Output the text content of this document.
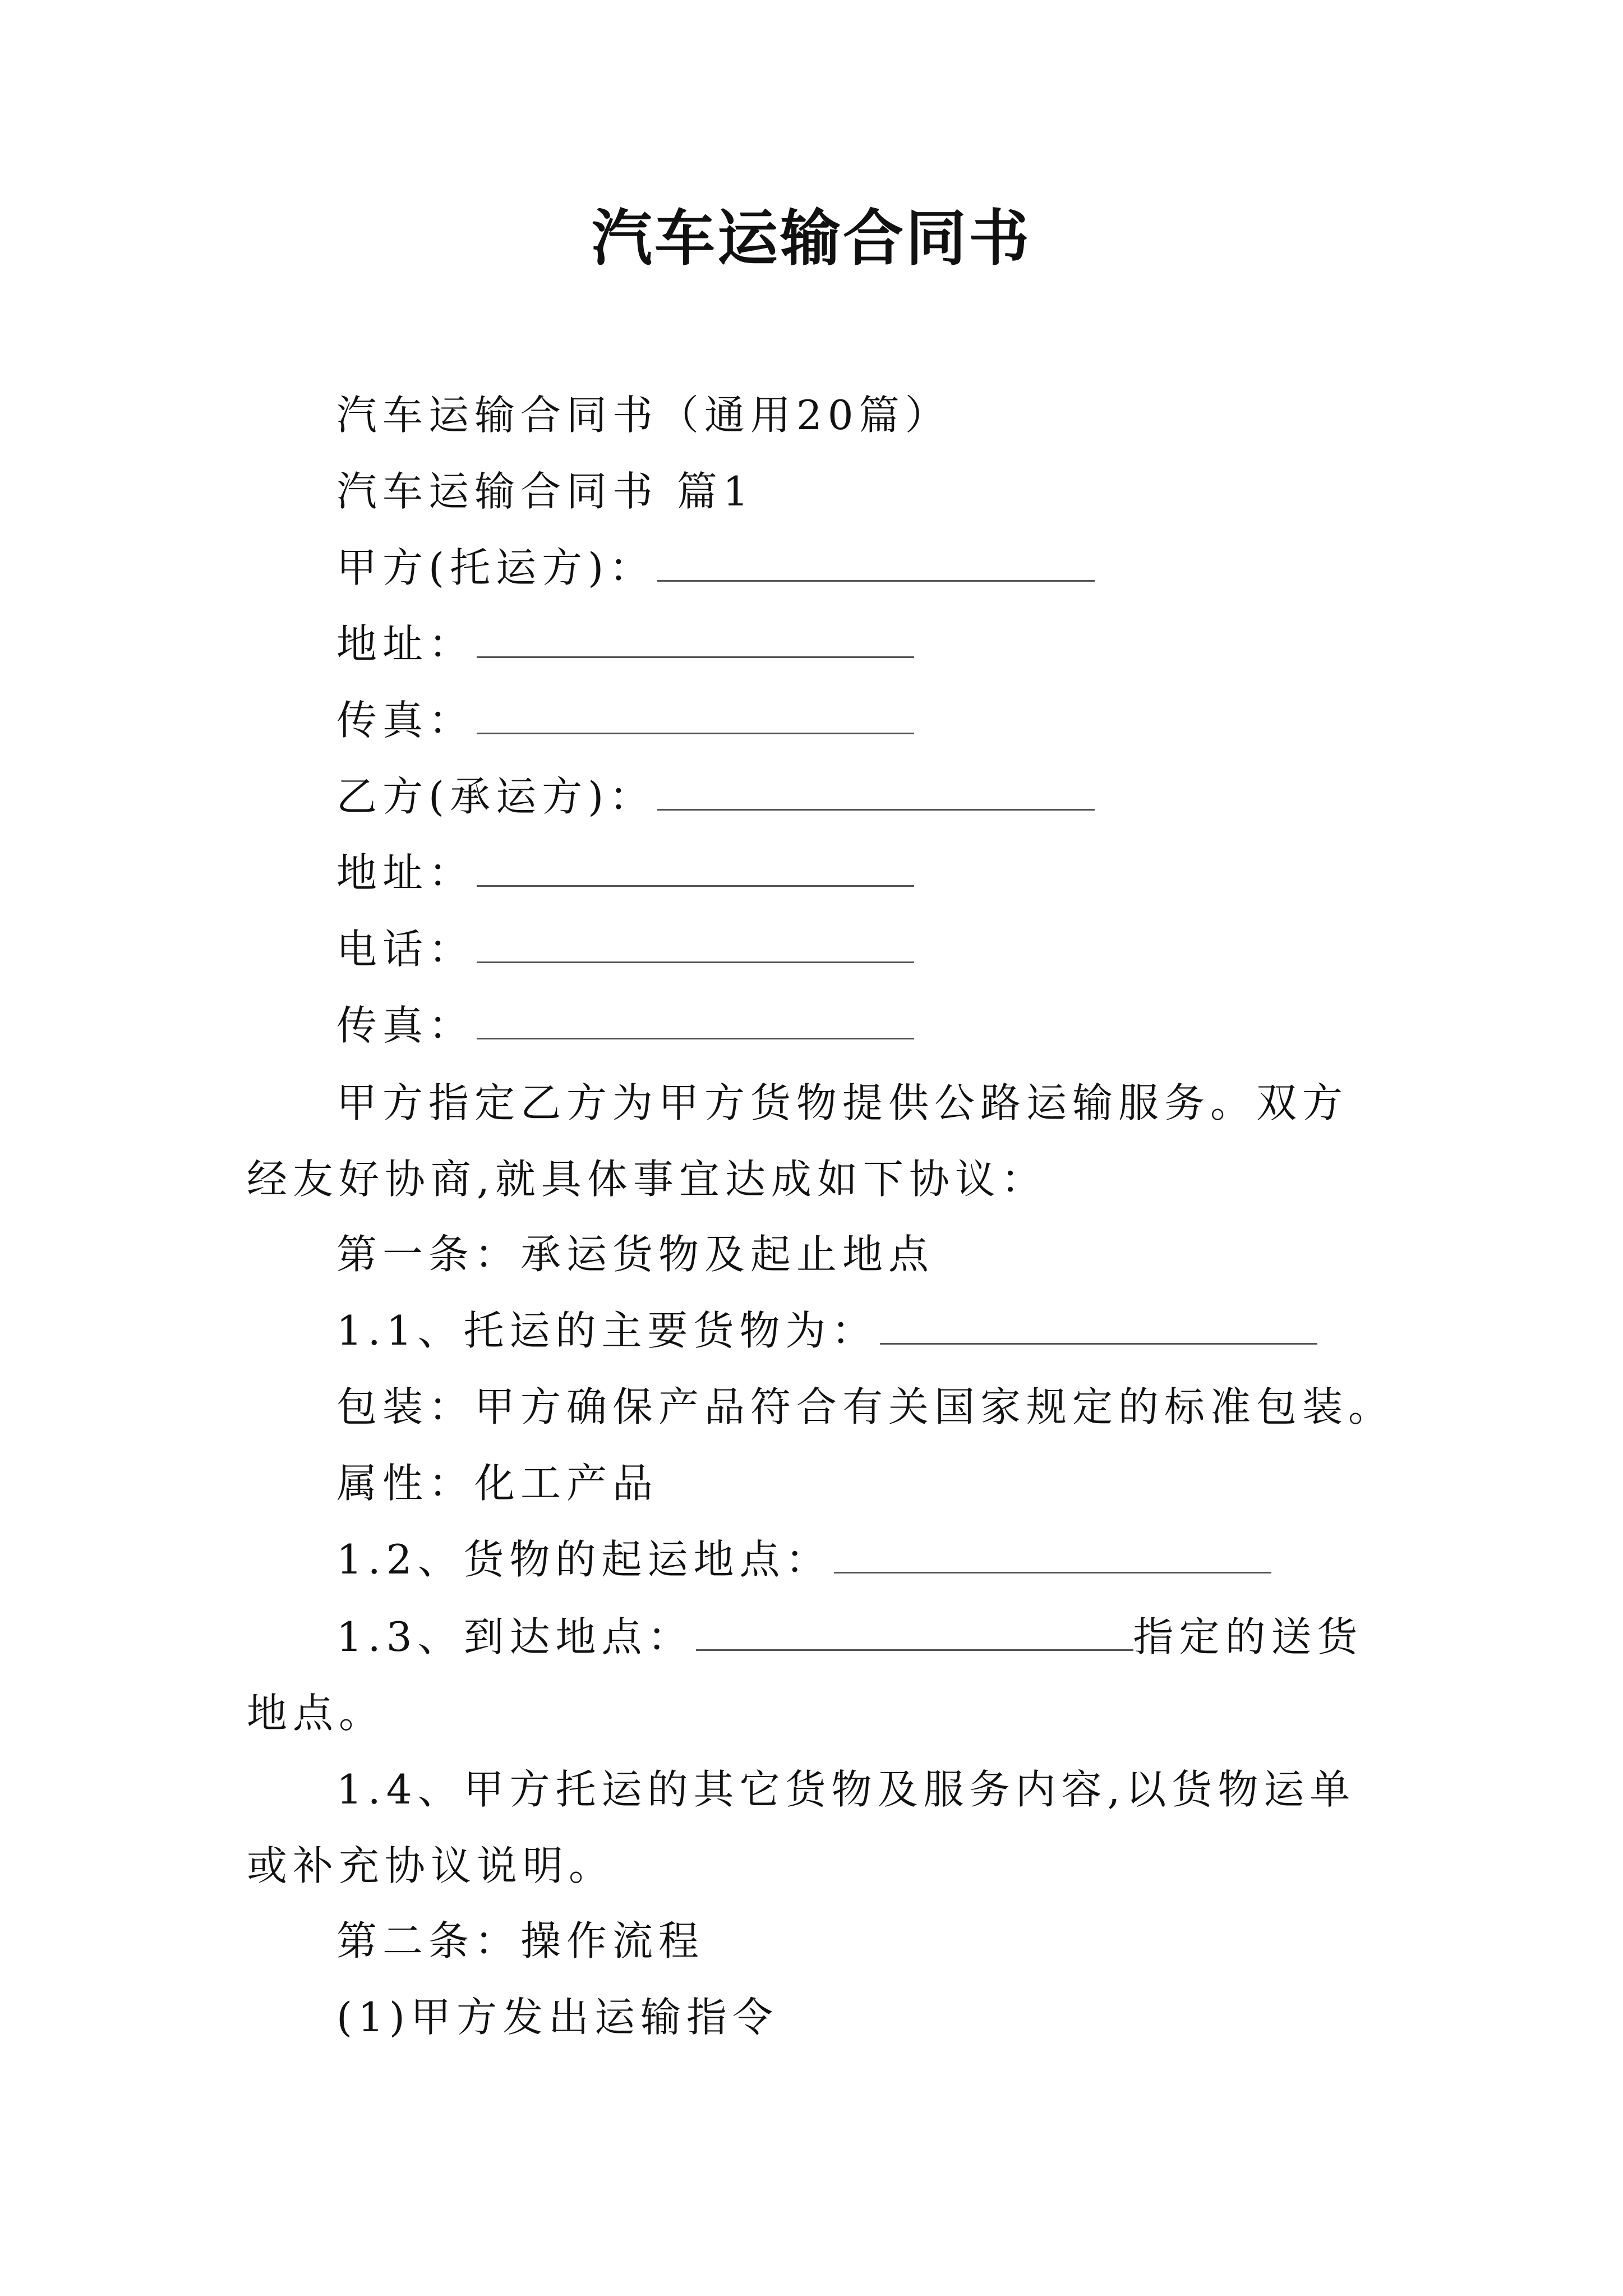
汽车运输合同书
汽车运输合同书（通用20篇）
汽车运输合同书 篇1
甲方(托运方)：
地址：
传真：
乙方(承运方)：
地址：
电话：
传真：
甲方指定乙方为甲方货物提供公路运输服务。双方经友好协商,就具体事宜达成如下协议：
第一条：承运货物及起止地点
1.1、托运的主要货物为：
包装：甲方确保产品符合有关国家规定的标准包装。
属性：化工产品
1.2、货物的起运地点：
1.3、到达地点：	指定的送货地点。
1.4、甲方托运的其它货物及服务内容,以货物运单或补充协议说明。
第二条：操作流程
(1)甲方发出运输指令
